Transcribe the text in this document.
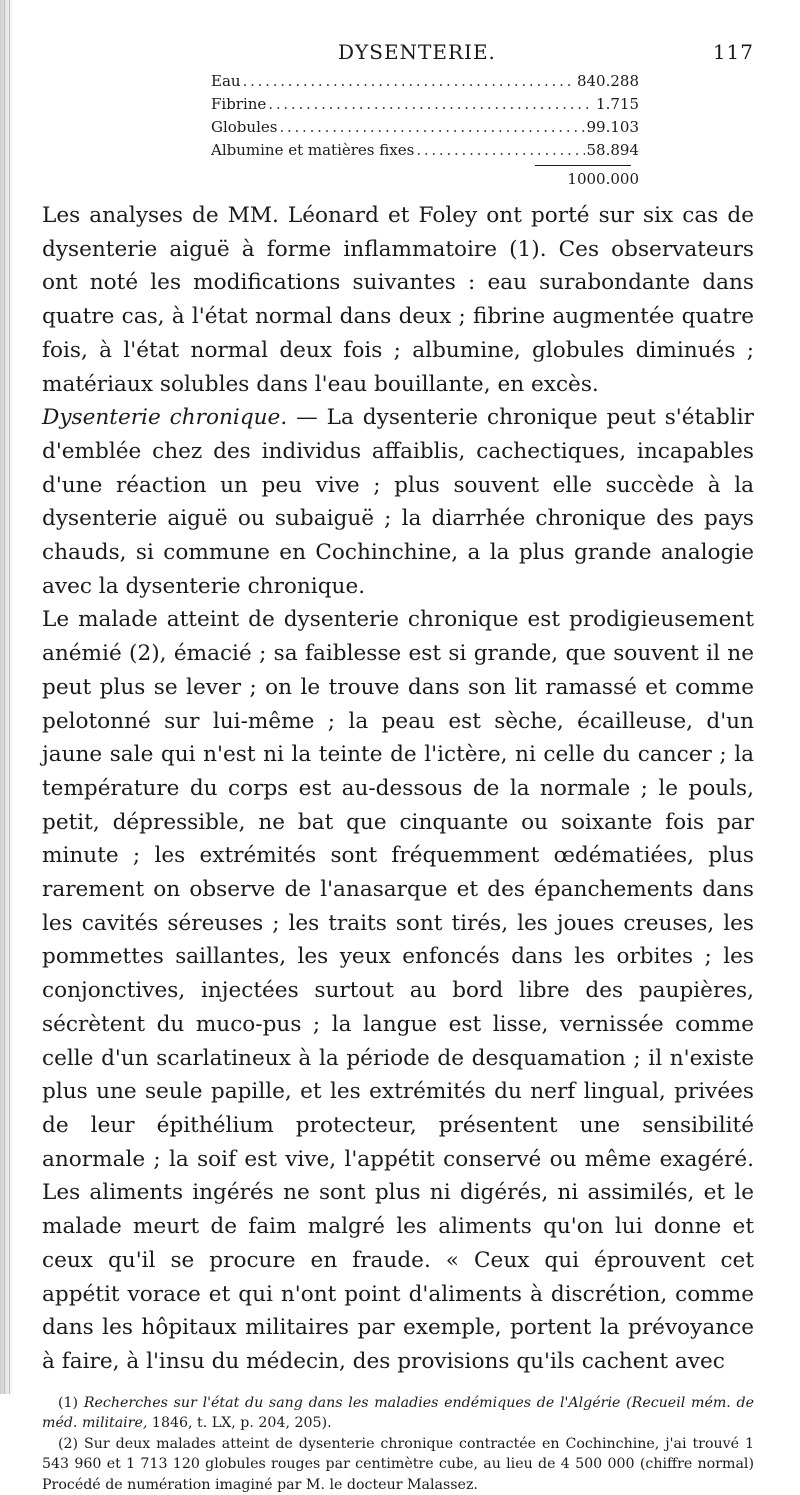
DYSENTERIE.	117
Eau . . .	840.288
Fibrine . . .	1.715
Globules . . .	99.103
Albumine et matières fixes . . .	58.894
1000.000

Les analyses de MM. Léonard et Foley ont porté sur six cas de dysenterie aiguë à forme inflammatoire (1). Ces observateurs ont noté les modifications suivantes : eau surabondante dans quatre cas, à l'état normal dans deux ; fibrine augmentée quatre fois, à l'état normal deux fois ; albumine, globules diminués ; matériaux solubles dans l'eau bouillante, en excès.

Dysenterie chronique. — La dysenterie chronique peut s'établir d'emblée chez des individus affaiblis, cachectiques, incapables d'une réaction un peu vive ; plus souvent elle succède à la dysenterie aiguë ou subaiguë ; la diarrhée chronique des pays chauds, si commune en Cochinchine, a la plus grande analogie avec la dysenterie chronique.

Le malade atteint de dysenterie chronique est prodigieusement anémié (2), émacié ; sa faiblesse est si grande, que souvent il ne peut plus se lever ; on le trouve dans son lit ramassé et comme pelotonné sur lui-même ; la peau est sèche, écailleuse, d'un jaune sale qui n'est ni la teinte de l'ictère, ni celle du cancer ; la température du corps est au-dessous de la normale ; le pouls, petit, dépressible, ne bat que cinquante ou soixante fois par minute ; les extrémités sont fréquemment œdématiées, plus rarement on observe de l'anasarque et des épanchements dans les cavités séreuses ; les traits sont tirés, les joues creuses, les pommettes saillantes, les yeux enfoncés dans les orbites ; les conjonctives, injectées surtout au bord libre des paupières, sécrètent du muco-pus ; la langue est lisse, vernissée comme celle d'un scarlatineux à la période de desquamation ; il n'existe plus une seule papille, et les extrémités du nerf lingual, privées de leur épithélium protecteur, présentent une sensibilité anormale ; la soif est vive, l'appétit conservé ou même exagéré. Les aliments ingérés ne sont plus ni digérés, ni assimilés, et le malade meurt de faim malgré les aliments qu'on lui donne et ceux qu'il se procure en fraude. « Ceux qui éprouvent cet appétit vorace et qui n'ont point d'aliments à discrétion, comme dans les hôpitaux militaires par exemple, portent la prévoyance à faire, à l'insu du médecin, des provisions qu'ils cachent avec

(1) Recherches sur l'état du sang dans les maladies endémiques de l'Algérie (Recueil mém. de méd. militaire, 1846, t. LX, p. 204, 205).

(2) Sur deux malades atteint de dysenterie chronique contractée en Cochinchine, j'ai trouvé 1 543 960 et 1 713 120 globules rouges par centimètre cube, au lieu de 4 500 000 (chiffre normal) Procédé de numération imaginé par M. le docteur Malassez.
